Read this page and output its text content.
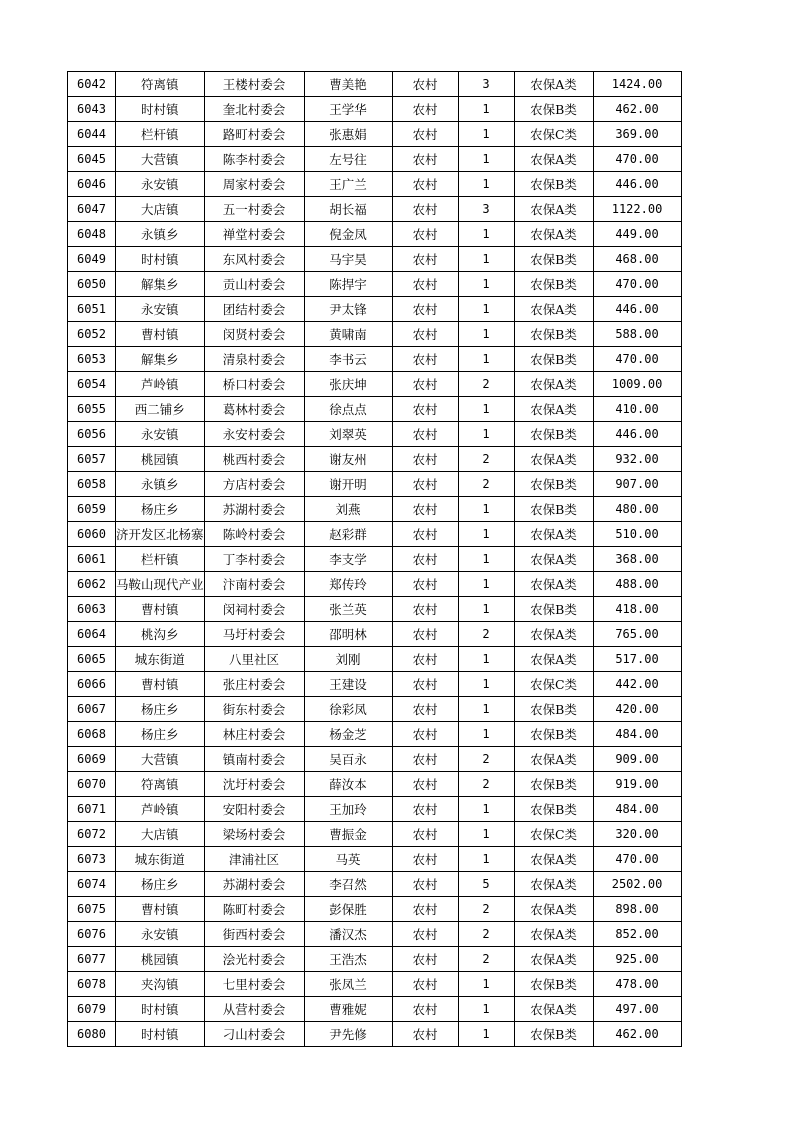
6042	符离镇	王楼村委会	曹美艳	农村	3	农保A类	1424.00
6043	时村镇	奎北村委会	王学华	农村	1	农保B类	462.00
6044	栏杆镇	路町村委会	张惠娟	农村	1	农保C类	369.00
6045	大营镇	陈李村委会	左号往	农村	1	农保A类	470.00
6046	永安镇	周家村委会	王广兰	农村	1	农保B类	446.00
6047	大店镇	五一村委会	胡长福	农村	3	农保A类	1122.00
6048	永镇乡	禅堂村委会	倪金凤	农村	1	农保A类	449.00
6049	时村镇	东风村委会	马宇昊	农村	1	农保B类	468.00
6050	解集乡	贡山村委会	陈捍宇	农村	1	农保B类	470.00
6051	永安镇	团结村委会	尹太锋	农村	1	农保A类	446.00
6052	曹村镇	闵贤村委会	黄啸南	农村	1	农保B类	588.00
6053	解集乡	清泉村委会	李书云	农村	1	农保B类	470.00
6054	芦岭镇	桥口村委会	张庆坤	农村	2	农保A类	1009.00
6055	西二铺乡	葛林村委会	徐点点	农村	1	农保A类	410.00
6056	永安镇	永安村委会	刘翠英	农村	1	农保B类	446.00
6057	桃园镇	桃西村委会	谢友州	农村	2	农保A类	932.00
6058	永镇乡	方店村委会	谢开明	农村	2	农保B类	907.00
6059	杨庄乡	苏湖村委会	刘燕	农村	1	农保B类	480.00
6060	济开发区北杨寨	陈岭村委会	赵彩群	农村	1	农保A类	510.00
6061	栏杆镇	丁李村委会	李支学	农村	1	农保A类	368.00
6062	马鞍山现代产业	汴南村委会	郑传玲	农村	1	农保A类	488.00
6063	曹村镇	闵祠村委会	张兰英	农村	1	农保B类	418.00
6064	桃沟乡	马圩村委会	邵明林	农村	2	农保A类	765.00
6065	城东街道	八里社区	刘刚	农村	1	农保A类	517.00
6066	曹村镇	张庄村委会	王建设	农村	1	农保C类	442.00
6067	杨庄乡	街东村委会	徐彩凤	农村	1	农保B类	420.00
6068	杨庄乡	林庄村委会	杨金芝	农村	1	农保B类	484.00
6069	大营镇	镇南村委会	吴百永	农村	2	农保A类	909.00
6070	符离镇	沈圩村委会	薛汝本	农村	2	农保B类	919.00
6071	芦岭镇	安阳村委会	王加玲	农村	1	农保B类	484.00
6072	大店镇	梁场村委会	曹振金	农村	1	农保C类	320.00
6073	城东街道	津浦社区	马英	农村	1	农保A类	470.00
6074	杨庄乡	苏湖村委会	李召然	农村	5	农保A类	2502.00
6075	曹村镇	陈町村委会	彭保胜	农村	2	农保A类	898.00
6076	永安镇	街西村委会	潘汉杰	农村	2	农保A类	852.00
6077	桃园镇	浍光村委会	王浩杰	农村	2	农保A类	925.00
6078	夹沟镇	七里村委会	张凤兰	农村	1	农保B类	478.00
6079	时村镇	从营村委会	曹雅妮	农村	1	农保A类	497.00
6080	时村镇	刁山村委会	尹先修	农村	1	农保B类	462.00
